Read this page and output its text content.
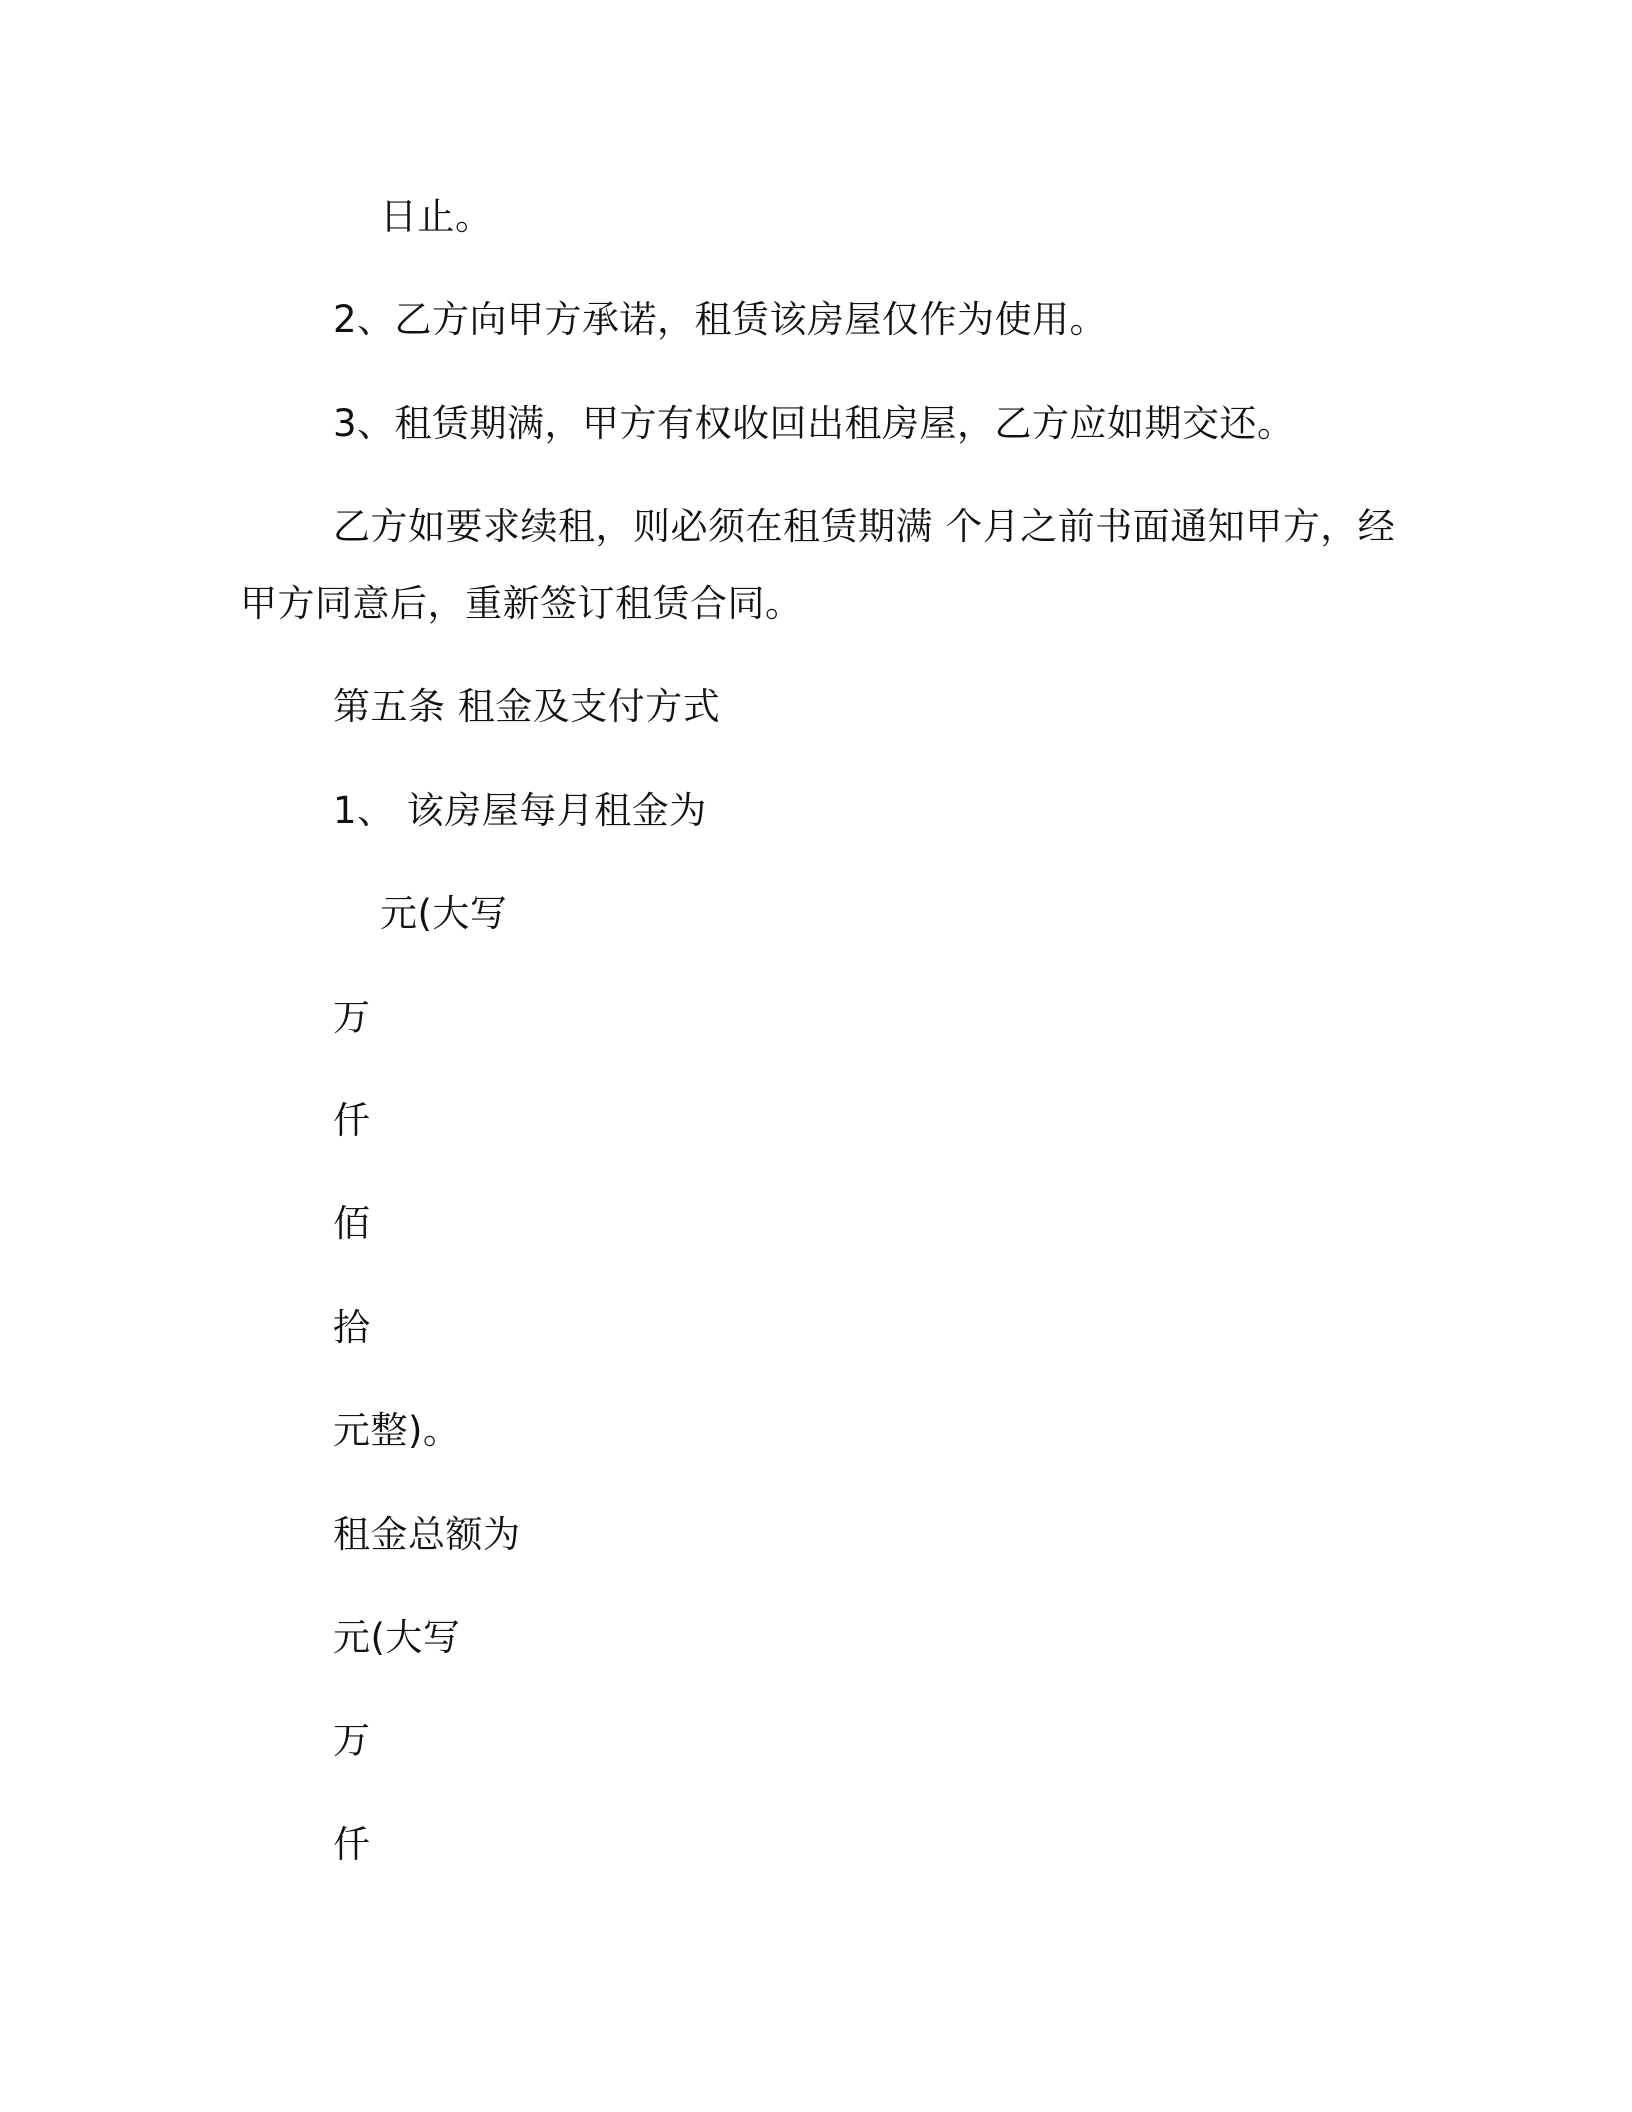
日止。
2、乙方向甲方承诺，租赁该房屋仅作为使用。
3、租赁期满，甲方有权收回出租房屋，乙方应如期交还。
乙方如要求续租，则必须在租赁期满 个月之前书面通知甲方，经
甲方同意后，重新签订租赁合同。
第五条 租金及支付方式
1、 该房屋每月租金为
元(大写
万
仟
佰
拾
元整)。
租金总额为
元(大写
万
仟
